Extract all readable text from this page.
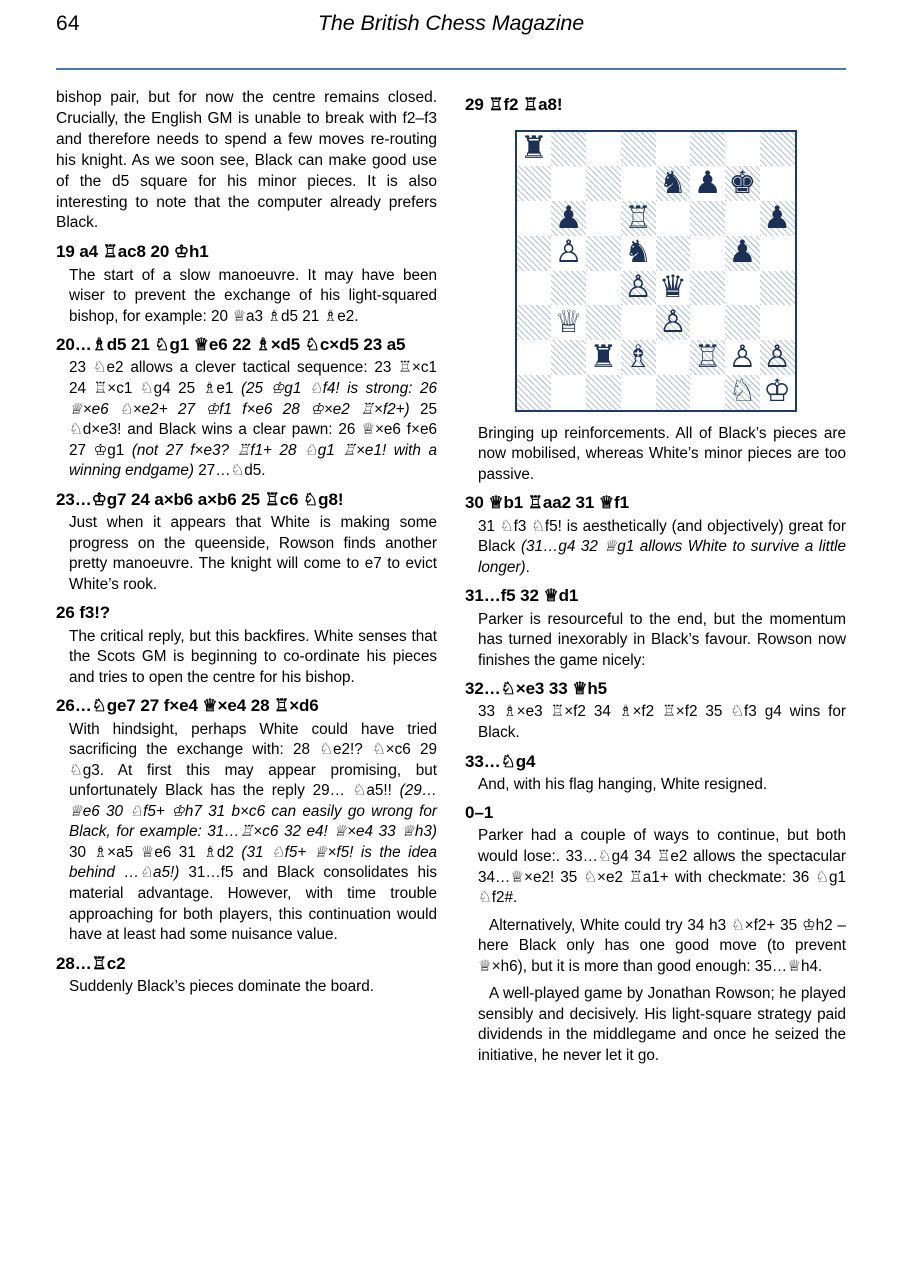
64	The British Chess Magazine

bishop pair, but for now the centre remains closed. Crucially, the English GM is unable to break with f2–f3 and therefore needs to spend a few moves re-routing his knight. As we soon see, Black can make good use of the d5 square for his minor pieces. It is also interesting to note that the computer already prefers Black.

19 a4 ♖ac8 20 ♔h1

The start of a slow manoeuvre. It may have been wiser to prevent the exchange of his light-squared bishop, for example: 20 ♕a3 ♗d5 21 ♗e2.

20…♗d5 21 ♘g1 ♕e6 22 ♗×d5 ♘c×d5 23 a5

23 ♘e2 allows a clever tactical sequence: 23 ♖×c1 24 ♖×c1 ♘g4 25 ♗e1 (25 ♔g1 ♘f4! is strong: 26 ♕×e6 ♘×e2+ 27 ♔f1 f×e6 28 ♔×e2 ♖×f2+) 25 ♘d×e3! and Black wins a clear pawn: 26 ♕×e6 f×e6 27 ♔g1 (not 27 f×e3? ♖f1+ 28 ♘g1 ♖×e1! with a winning endgame) 27…♘d5.

23…♔g7 24 a×b6 a×b6 25 ♖c6 ♘g8!

Just when it appears that White is making some progress on the queenside, Rowson finds another pretty manoeuvre. The knight will come to e7 to evict White’s rook.

26 f3!?

The critical reply, but this backfires. White senses that the Scots GM is beginning to co-ordinate his pieces and tries to open the centre for his bishop.

26…♘ge7 27 f×e4 ♕×e4 28 ♖×d6

With hindsight, perhaps White could have tried sacrificing the exchange with: 28 ♘e2!? ♘×c6 29 ♘g3. At first this may appear promising, but unfortunately Black has the reply 29… ♘a5!! (29…♕e6 30 ♘f5+ ♔h7 31 b×c6 can easily go wrong for Black, for example: 31…♖×c6 32 e4! ♕×e4 33 ♕h3) 30 ♗×a5 ♕e6 31 ♗d2 (31 ♘f5+ ♕×f5! is the idea behind …♘a5!) 31…f5 and Black consolidates his material advantage. However, with time trouble approaching for both players, this continuation would have at least had some nuisance value.

28…♖c2

Suddenly Black’s pieces dominate the board.

29 ♖f2 ♖a8!

♜
♞ ♟ ♚
♟ ♖	♟
♙ ♞ ♟
♙ ♛
♕ ♙
♜ ♗ ♖ ♙ ♙
♘ ♔

Bringing up reinforcements. All of Black’s pieces are now mobilised, whereas White’s minor pieces are too passive.

30 ♕b1 ♖aa2 31 ♕f1

31 ♘f3 ♘f5! is aesthetically (and objectively) great for Black (31…g4 32 ♕g1 allows White to survive a little longer).

31…f5 32 ♕d1

Parker is resourceful to the end, but the momentum has turned inexorably in Black’s favour. Rowson now finishes the game nicely:

32…♘×e3 33 ♕h5

33 ♗×e3 ♖×f2 34 ♗×f2 ♖×f2 35 ♘f3 g4 wins for Black.

33…♘g4

And, with his flag hanging, White resigned.

0–1

Parker had a couple of ways to continue, but both would lose:. 33…♘g4 34 ♖e2 allows the spectacular 34…♕×e2! 35 ♘×e2 ♖a1+ with checkmate: 36 ♘g1 ♘f2#.

Alternatively, White could try 34 h3 ♘×f2+ 35 ♔h2 – here Black only has one good move (to prevent ♕×h6), but it is more than good enough: 35…♕h4.

A well-played game by Jonathan Rowson; he played sensibly and decisively. His light-square strategy paid dividends in the middlegame and once he seized the initiative, he never let it go.
